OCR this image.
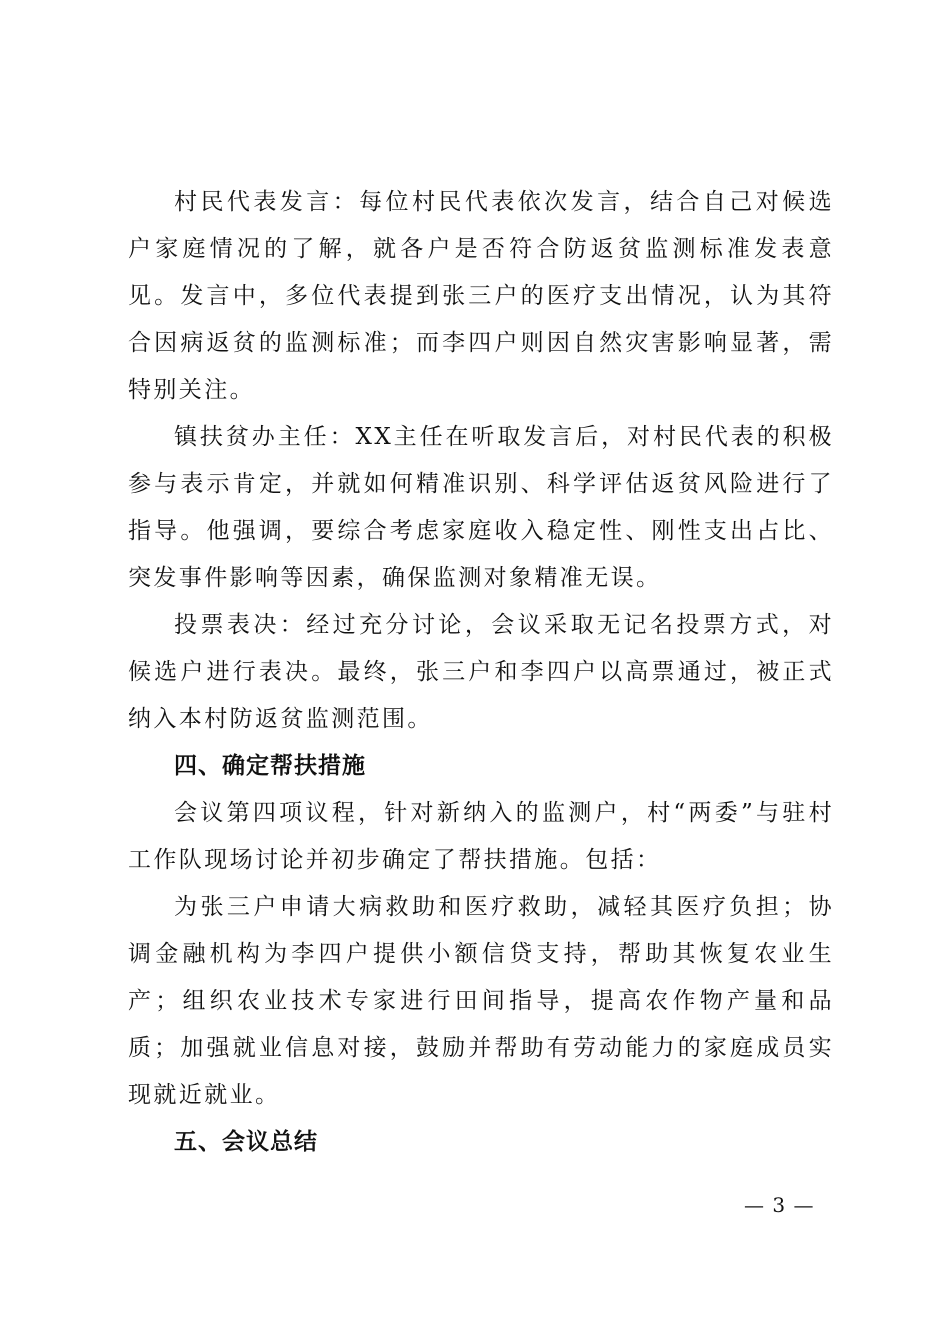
村民代表发言：每位村民代表依次发言，结合自己对候选户家庭情况的了解，就各户是否符合防返贫监测标准发表意见。发言中，多位代表提到张三户的医疗支出情况，认为其符合因病返贫的监测标准；而李四户则因自然灾害影响显著，需特别关注。

镇扶贫办主任：XX主任在听取发言后，对村民代表的积极参与表示肯定，并就如何精准识别、科学评估返贫风险进行了指导。他强调，要综合考虑家庭收入稳定性、刚性支出占比、突发事件影响等因素，确保监测对象精准无误。

投票表决：经过充分讨论，会议采取无记名投票方式，对候选户进行表决。最终，张三户和李四户以高票通过，被正式纳入本村防返贫监测范围。

四、确定帮扶措施

会议第四项议程，针对新纳入的监测户，村“两委”与驻村工作队现场讨论并初步确定了帮扶措施。包括：

为张三户申请大病救助和医疗救助，减轻其医疗负担；协调金融机构为李四户提供小额信贷支持，帮助其恢复农业生产；组织农业技术专家进行田间指导，提高农作物产量和品质；加强就业信息对接，鼓励并帮助有劳动能力的家庭成员实现就近就业。

五、会议总结

— 3 —
